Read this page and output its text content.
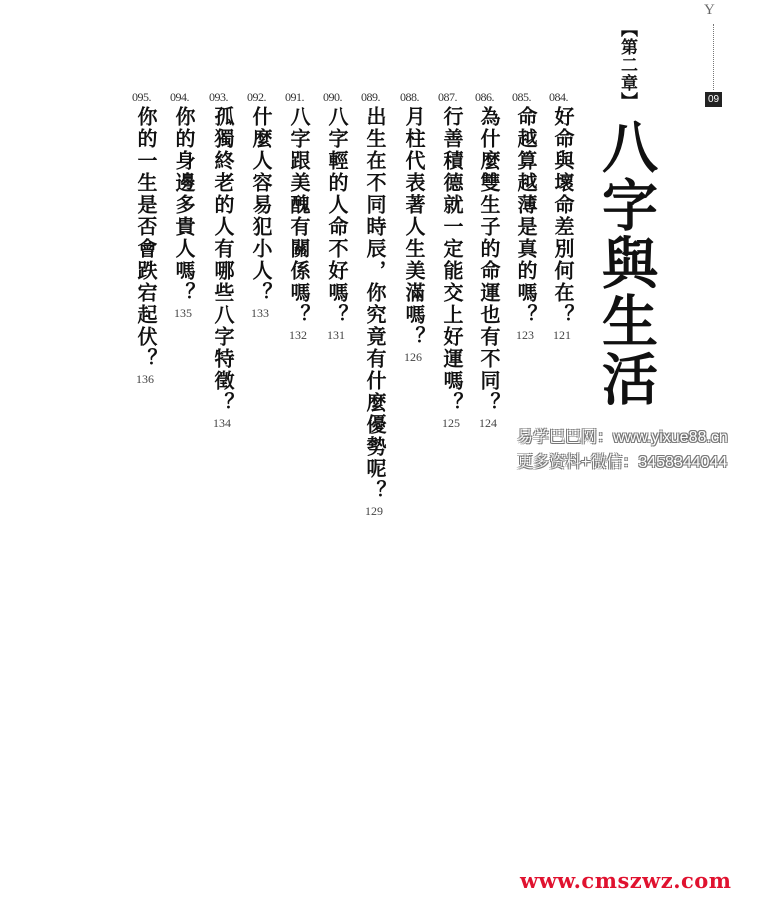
Y
09
【第二章】
八字與生活
084.
好命與壞命差別何在？
121
085.
命越算越薄是真的嗎？
123
086.
為什麼雙生子的命運也有不同？
124
087.
行善積德就一定能交上好運嗎？
125
088.
月柱代表著人生美滿嗎？
126
089.
出生在不同時辰，你究竟有什麼優勢呢？
129
090.
八字輕的人命不好嗎？
131
091.
八字跟美醜有關係嗎？
132
092.
什麼人容易犯小人？
133
093.
孤獨終老的人有哪些八字特徵？
134
094.
你的身邊多貴人嗎？
135
095.
你的一生是否會跌宕起伏？
136
易学巴巴网：www.yixue88.cn
更多资料+微信：3458344044
www.cmszwz.com
